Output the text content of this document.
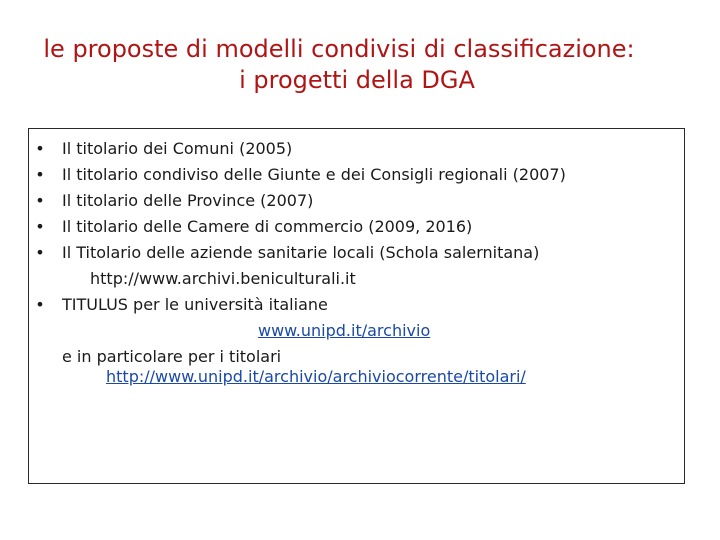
le proposte di modelli condivisi di classificazione:
i progetti della DGA
• Il titolario dei Comuni (2005)
• Il titolario condiviso delle Giunte e dei Consigli regionali (2007)
• Il titolario delle Province (2007)
• Il titolario delle Camere di commercio (2009, 2016)
• Il Titolario delle aziende sanitarie locali (Schola salernitana)
http://www.archivi.beniculturali.it
• TITULUS per le università italiane
www.unipd.it/archivio
e in particolare per i titolari
http://www.unipd.it/archivio/archiviocorrente/titolari/
